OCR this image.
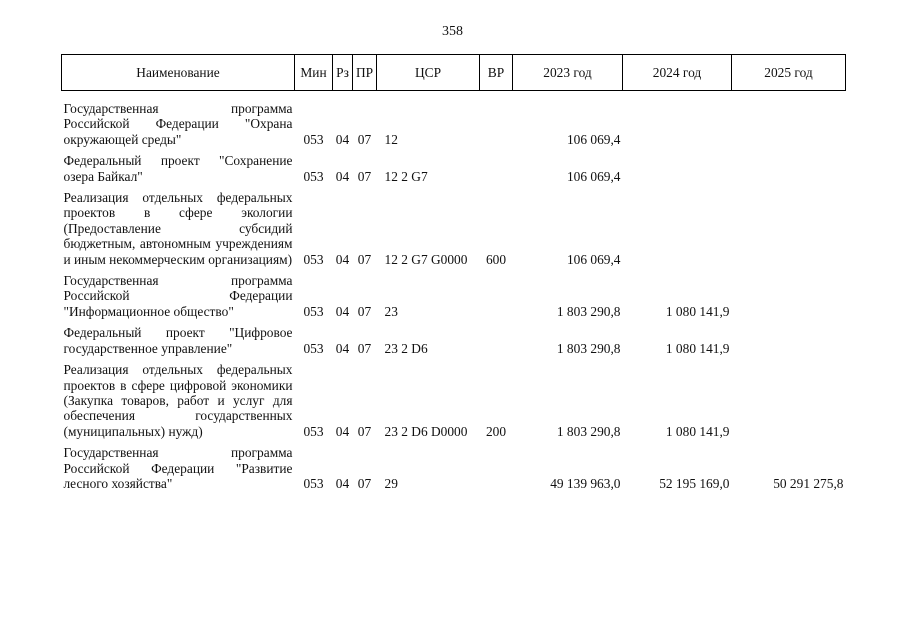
358
Наименование	Мин	Рз	ПР	ЦСР	ВР	2023 год	2024 год	2025 год
Государственная программа Российской Федерации "Охрана окружающей среды"	053	04	07	12		106 069,4		
Федеральный проект "Сохранение озера Байкал"	053	04	07	12 2 G7		106 069,4		
Реализация отдельных федеральных проектов в сфере экологии (Предоставление субсидий бюджетным, автономным учреждениям и иным некоммерческим организациям)	053	04	07	12 2 G7 G0000	600	106 069,4		
Государственная программа Российской Федерации "Информационное общество"	053	04	07	23		1 803 290,8	1 080 141,9	
Федеральный проект "Цифровое государственное управление"	053	04	07	23 2 D6		1 803 290,8	1 080 141,9	
Реализация отдельных федеральных проектов в сфере цифровой экономики (Закупка товаров, работ и услуг для обеспечения государственных (муниципальных) нужд)	053	04	07	23 2 D6 D0000	200	1 803 290,8	1 080 141,9	
Государственная программа Российской Федерации "Развитие лесного хозяйства"	053	04	07	29		49 139 963,0	52 195 169,0	50 291 275,8
